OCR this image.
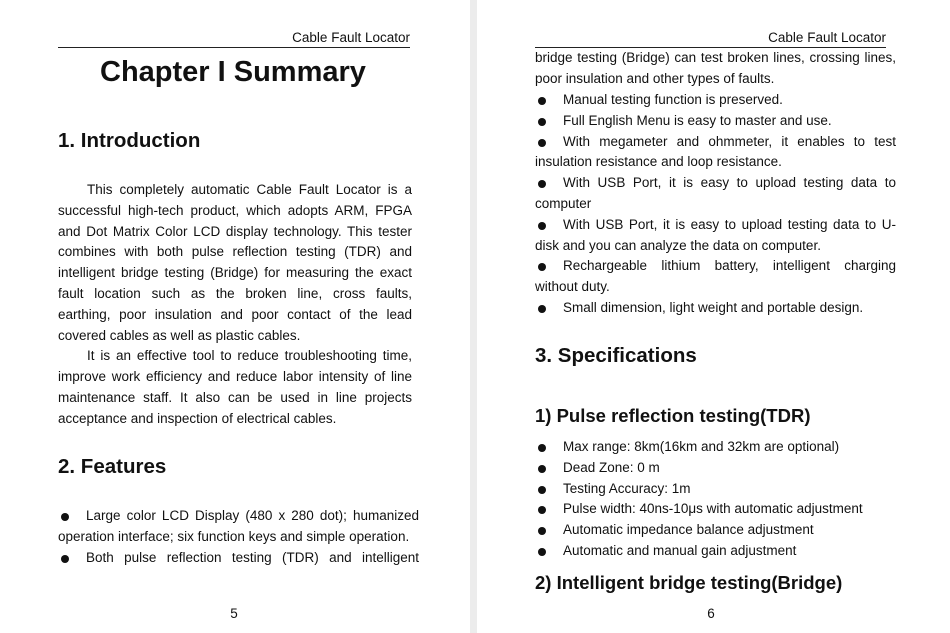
Cable Fault Locator
Chapter I Summary
1. Introduction

This completely automatic Cable Fault Locator is a successful high-tech product, which adopts ARM, FPGA and Dot Matrix Color LCD display technology. This tester combines with both pulse reflection testing (TDR) and intelligent bridge testing (Bridge) for measuring the exact fault location such as the broken line, cross faults, earthing, poor insulation and poor contact of the lead covered cables as well as plastic cables.

It is an effective tool to reduce troubleshooting time, improve work efficiency and reduce labor intensity of line maintenance staff. It also can be used in line projects acceptance and inspection of electrical cables.

2. Features

Large color LCD Display (480 x 280 dot); humanized operation interface; six function keys and simple operation.

Both pulse reflection testing (TDR) and intelligent

5
Cable Fault Locator

bridge testing (Bridge) can test broken lines, crossing lines, poor insulation and other types of faults.

Manual testing function is preserved.

Full English Menu is easy to master and use.

With megameter and ohmmeter, it enables to test insulation resistance and loop resistance.

With USB Port, it is easy to upload testing data to computer

With USB Port, it is easy to upload testing data to U-disk and you can analyze the data on computer.

Rechargeable lithium battery, intelligent charging without duty.

Small dimension, light weight and portable design.

3. Specifications
1) Pulse reflection testing(TDR)

Max range: 8km(16km and 32km are optional)

Dead Zone: 0 m

Testing Accuracy: 1m

Pulse width: 40ns-10μs with automatic adjustment

Automatic impedance balance adjustment

Automatic and manual gain adjustment

2) Intelligent bridge testing(Bridge)
6
